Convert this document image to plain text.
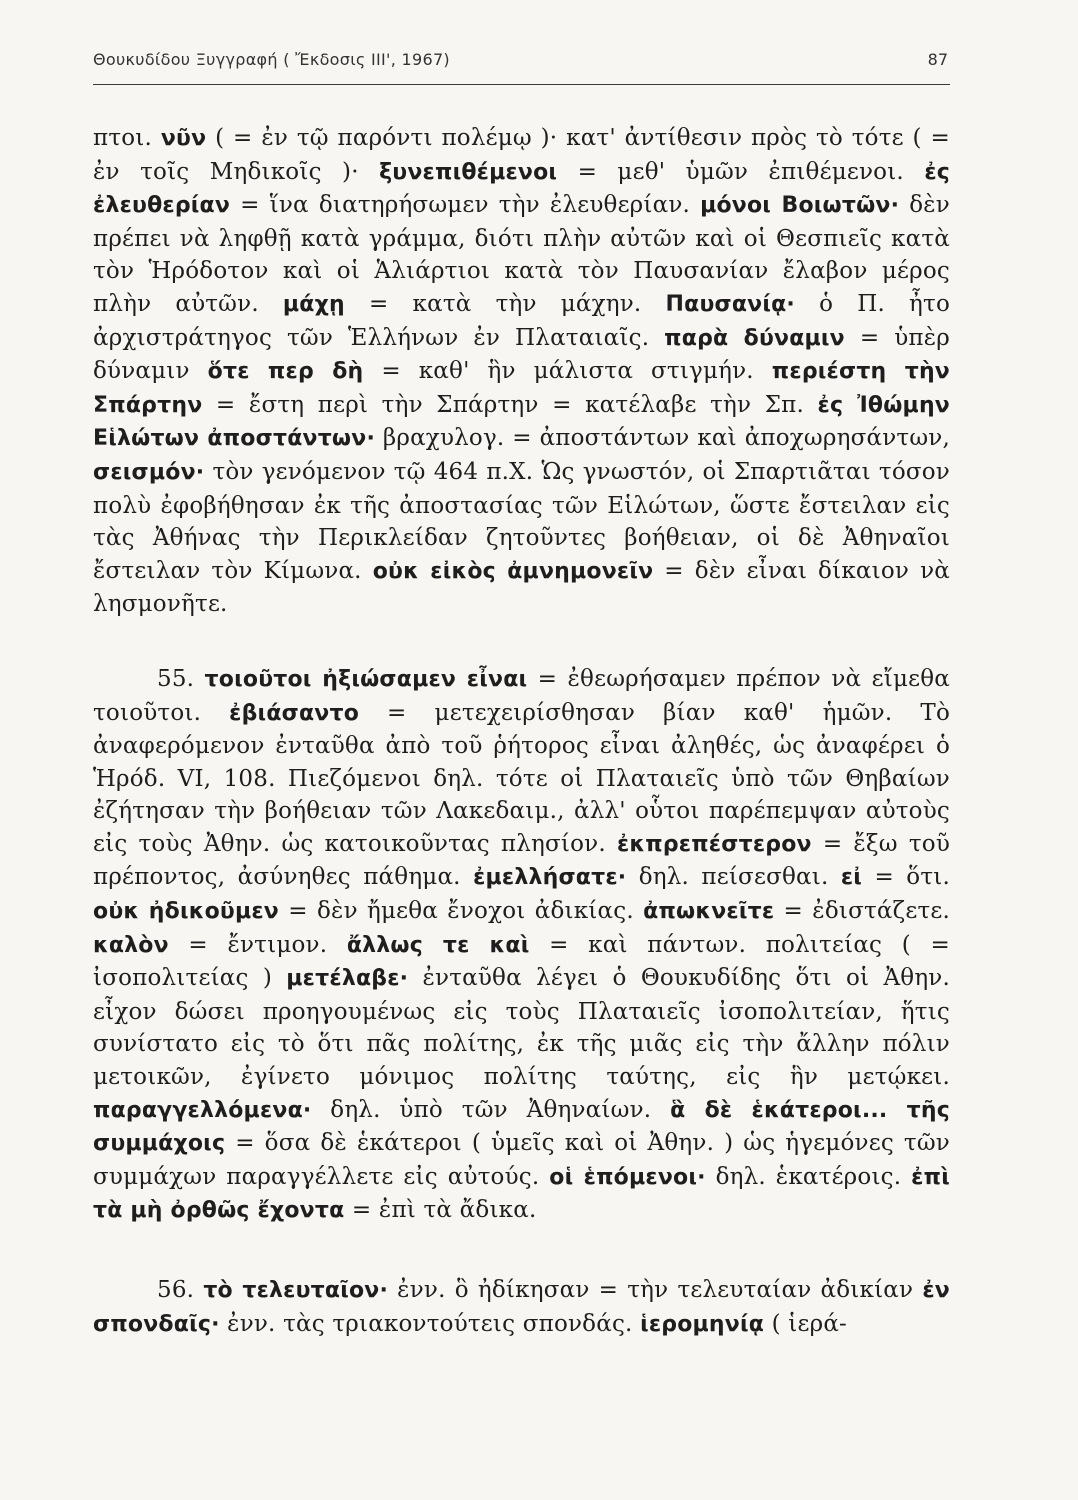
Θουκυδίδου Ξυγγραφή ( Ἔκδοσις ΙΙΙ', 1967)	87

πτοι. νῦν ( = ἐν τῷ παρόντι πολέμῳ )· κατ' ἀντίθεσιν πρὸς τὸ τότε ( = ἐν τοῖς Μηδικοῖς )· ξυνεπιθέμενοι = μεθ' ὑμῶν ἐπιθέμενοι. ἐς ἐλευθερίαν = ἵνα διατηρήσωμεν τὴν ἐλευθερίαν. μόνοι Βοιωτῶν· δὲν πρέπει νὰ ληφθῇ κατὰ γράμμα, διότι πλὴν αὐτῶν καὶ οἱ Θεσπιεῖς κατὰ τὸν Ἡρόδοτον καὶ οἱ Ἁλιάρτιοι κατὰ τὸν Παυσανίαν ἔλαβον μέρος πλὴν αὐτῶν. μάχῃ = κατὰ τὴν μάχην. Παυσανίᾳ· ὁ Π. ἦτο ἀρχιστράτηγος τῶν Ἑλλήνων ἐν Πλαταιαῖς. παρὰ δύναμιν = ὑπὲρ δύναμιν ὅτε περ δὴ = καθ' ἣν μάλιστα στιγμήν. περιέστη τὴν Σπάρτην = ἔστη περὶ τὴν Σπάρτην = κατέλαβε τὴν Σπ. ἐς Ἰθώμην Εἱλώτων ἀποστάντων· βραχυλογ. = ἀποστάντων καὶ ἀποχωρησάντων, σεισμόν· τὸν γενόμενον τῷ 464 π.Χ. Ὡς γνωστόν, οἱ Σπαρτιᾶται τόσον πολὺ ἐφοβήθησαν ἐκ τῆς ἀποστασίας τῶν Εἱλώτων, ὥστε ἔστειλαν εἰς τὰς Ἀθήνας τὴν Περικλείδαν ζητοῦντες βοήθειαν, οἱ δὲ Ἀθηναῖοι ἔστειλαν τὸν Κίμωνα. οὐκ εἰκὸς ἀμνημονεῖν = δὲν εἶναι δίκαιον νὰ λησμονῆτε.

55. τοιοῦτοι ἠξιώσαμεν εἶναι = ἐθεωρήσαμεν πρέπον νὰ εἴμεθα τοιοῦτοι. ἐβιάσαντο = μετεχειρίσθησαν βίαν καθ' ἡμῶν. Τὸ ἀναφερόμενον ἐνταῦθα ἀπὸ τοῦ ῥήτορος εἶναι ἀληθές, ὡς ἀναφέρει ὁ Ἡρόδ. VI, 108. Πιεζόμενοι δηλ. τότε οἱ Πλαταιεῖς ὑπὸ τῶν Θηβαίων ἐζήτησαν τὴν βοήθειαν τῶν Λακεδαιμ., ἀλλ' οὗτοι παρέπεμψαν αὐτοὺς εἰς τοὺς Ἀθην. ὡς κατοικοῦντας πλησίον. ἐκπρεπέστερον = ἔξω τοῦ πρέποντος, ἀσύνηθες πάθημα. ἐμελλήσατε· δηλ. πείσεσθαι. εἰ = ὅτι. οὐκ ἠδικοῦμεν = δὲν ἤμεθα ἔνοχοι ἀδικίας. ἀπωκνεῖτε = ἐδιστάζετε. καλὸν = ἔντιμον. ἄλλως τε καὶ = καὶ πάντων. πολιτείας ( = ἰσοπολιτείας ) μετέλαβε· ἐνταῦθα λέγει ὁ Θουκυδίδης ὅτι οἱ Ἀθην. εἶχον δώσει προηγουμένως εἰς τοὺς Πλαταιεῖς ἰσοπολιτείαν, ἥτις συνίστατο εἰς τὸ ὅτι πᾶς πολίτης, ἐκ τῆς μιᾶς εἰς τὴν ἄλλην πόλιν μετοικῶν, ἐγίνετο μόνιμος πολίτης ταύτης, εἰς ἣν μετῴκει. παραγγελλόμενα· δηλ. ὑπὸ τῶν Ἀθηναίων. ἃ δὲ ἑκάτεροι... τῆς συμμάχοις = ὅσα δὲ ἑκάτεροι ( ὑμεῖς καὶ οἱ Ἀθην. ) ὡς ἡγεμόνες τῶν συμμάχων παραγγέλλετε εἰς αὐτούς. οἱ ἑπόμενοι· δηλ. ἑκατέροις. ἐπὶ τὰ μὴ ὀρθῶς ἔχοντα = ἐπὶ τὰ ἄδικα.

56. τὸ τελευταῖον· ἐνν. ὃ ἠδίκησαν = τὴν τελευταίαν ἀδικίαν ἐν σπονδαῖς· ἐνν. τὰς τριακοντούτεις σπονδάς. ἱερομηνίᾳ ( ἱερά-
